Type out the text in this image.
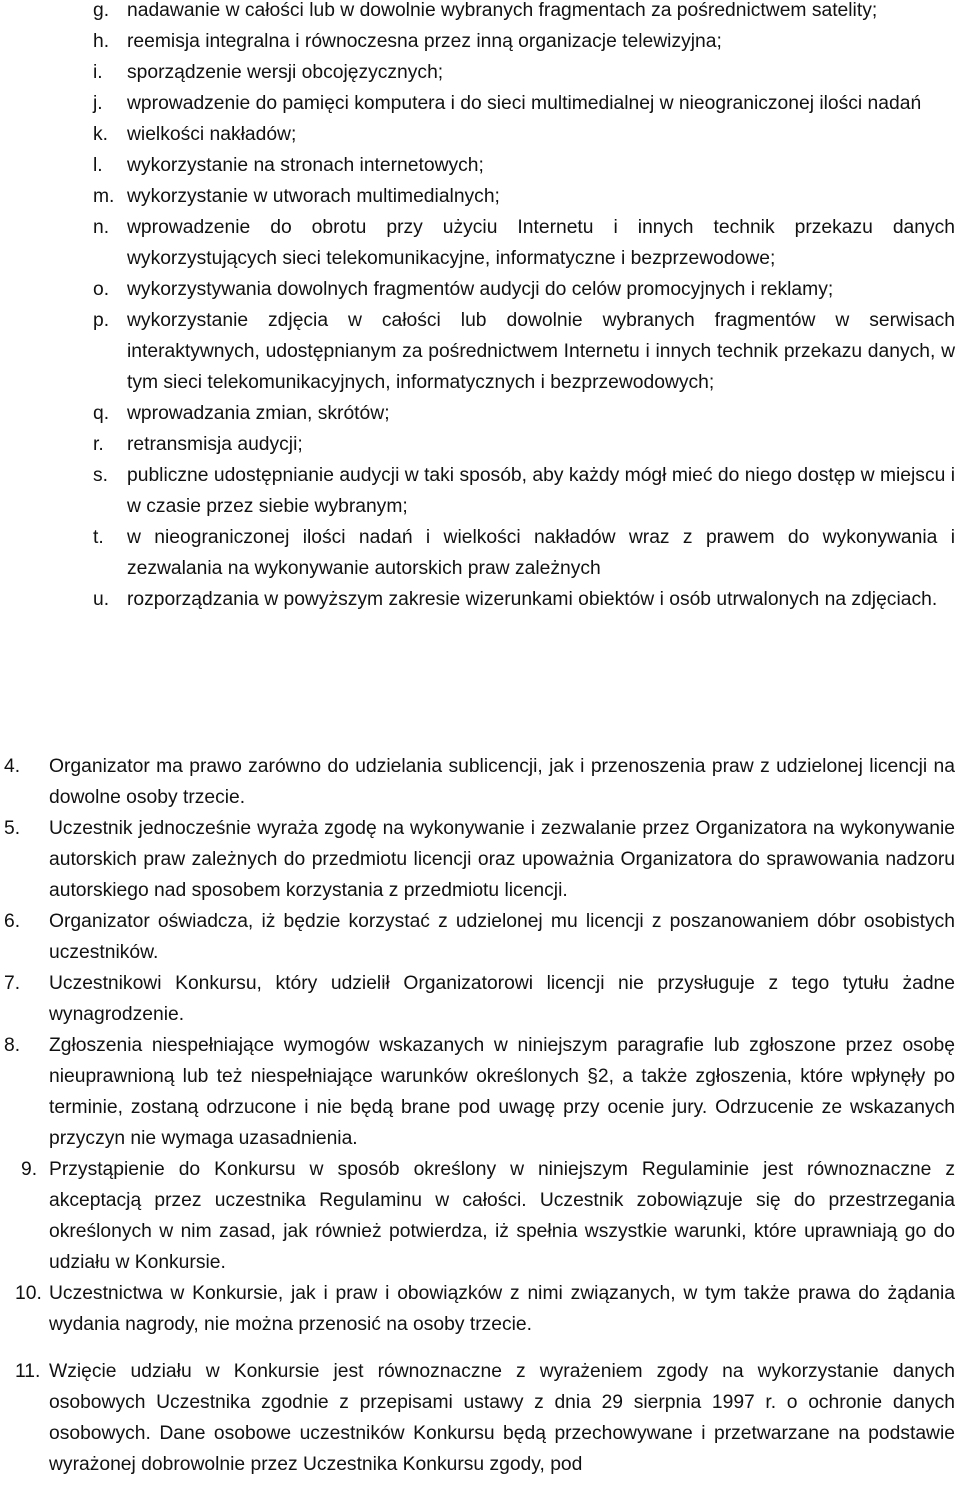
g. nadawanie w całości lub w dowolnie wybranych fragmentach za pośrednictwem satelity;
h. reemisja integralna i równoczesna przez inną organizacje telewizyjna;
i. sporządzenie wersji obcojęzycznych;
j. wprowadzenie do pamięci komputera i do sieci multimedialnej w nieograniczonej ilości nadań
k. wielkości nakładów;
l. wykorzystanie na stronach internetowych;
m. wykorzystanie w utworach multimedialnych;
n. wprowadzenie do obrotu przy użyciu Internetu i innych technik przekazu danych wykorzystujących sieci telekomunikacyjne, informatyczne i bezprzewodowe;
o. wykorzystywania dowolnych fragmentów audycji do celów promocyjnych i reklamy;
p. wykorzystanie zdjęcia w całości lub dowolnie wybranych fragmentów w serwisach interaktywnych, udostępnianym za pośrednictwem Internetu i innych technik przekazu danych, w tym sieci telekomunikacyjnych, informatycznych i bezprzewodowych;
q. wprowadzania zmian, skrótów;
r. retransmisja audycji;
s. publiczne udostępnianie audycji w taki sposób, aby każdy mógł mieć do niego dostęp w miejscu i w czasie przez siebie wybranym;
t. w nieograniczonej ilości nadań i wielkości nakładów wraz z prawem do wykonywania i zezwalania na wykonywanie autorskich praw zależnych
u. rozporządzania w powyższym zakresie wizerunkami obiektów i osób utrwalonych na zdjęciach.
4. Organizator ma prawo zarówno do udzielania sublicencji, jak i przenoszenia praw z udzielonej licencji na dowolne osoby trzecie.
5. Uczestnik jednocześnie wyraża zgodę na wykonywanie i zezwalanie przez Organizatora na wykonywanie autorskich praw zależnych do przedmiotu licencji oraz upoważnia Organizatora do sprawowania nadzoru autorskiego nad sposobem korzystania z przedmiotu licencji.
6. Organizator oświadcza, iż będzie korzystać z udzielonej mu licencji z poszanowaniem dóbr osobistych uczestników.
7. Uczestnikowi Konkursu, który udzielił Organizatorowi licencji nie przysługuje z tego tytułu żadne wynagrodzenie.
8. Zgłoszenia niespełniające wymogów wskazanych w niniejszym paragrafie lub zgłoszone przez osobę nieuprawnioną lub też niespełniające warunków określonych §2, a także zgłoszenia, które wpłynęły po terminie, zostaną odrzucone i nie będą brane pod uwagę przy ocenie jury. Odrzucenie ze wskazanych przyczyn nie wymaga uzasadnienia.
9. Przystąpienie do Konkursu w sposób określony w niniejszym Regulaminie jest równoznaczne z akceptacją przez uczestnika Regulaminu w całości. Uczestnik zobowiązuje się do przestrzegania określonych w nim zasad, jak również potwierdza, iż spełnia wszystkie warunki, które uprawniają go do udziału w Konkursie.
10. Uczestnictwa w Konkursie, jak i praw i obowiązków z nimi związanych, w tym także prawa do żądania wydania nagrody, nie można przenosić na osoby trzecie.
11. Wzięcie udziału w Konkursie jest równoznaczne z wyrażeniem zgody na wykorzystanie danych osobowych Uczestnika zgodnie z przepisami ustawy z dnia 29 sierpnia 1997 r. o ochronie danych osobowych. Dane osobowe uczestników Konkursu będą przechowywane i przetwarzane na podstawie wyrażonej dobrowolnie przez Uczestnika Konkursu zgody, pod
